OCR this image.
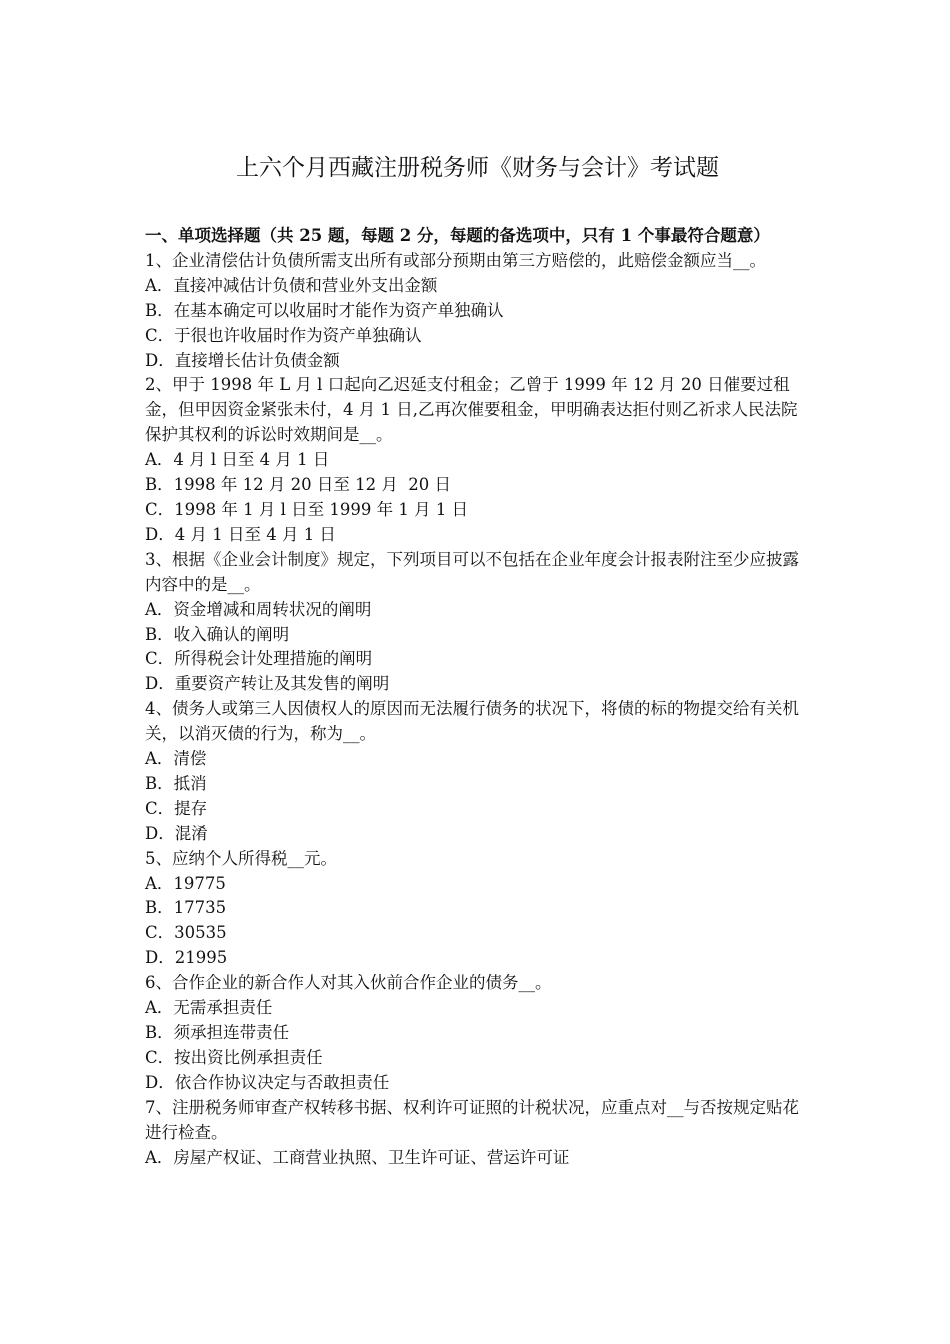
上六个月西藏注册税务师《财务与会计》考试题

一、单项选择题（共 25 题，每题 2 分，每题的备选项中，只有 1 个事最符合题意）

1、企业清偿估计负债所需支出所有或部分预期由第三方赔偿的，此赔偿金额应当__。

A．直接冲减估计负债和营业外支出金额

B．在基本确定可以收届时才能作为资产单独确认

C．于很也许收届时作为资产单独确认

D．直接增长估计负债金额

2、甲于 1998 年 L 月 l 口起向乙迟延支付租金；乙曾于 1999 年 12 月 20 日催要过租金，但甲因资金紧张未付，4 月 1 日,乙再次催要租金，甲明确表达拒付则乙祈求人民法院保护其权利的诉讼时效期间是__。

A．4 月 l 日至 4 月 1 日

B．1998 年 12 月 20 日至 12 月  20 日

C．1998 年 1 月 l 日至 1999 年 1 月 1 日

D．4 月 1 日至 4 月 1 日

3、根据《企业会计制度》规定，下列项目可以不包括在企业年度会计报表附注至少应披露内容中的是__。

A．资金增减和周转状况的阐明

B．收入确认的阐明

C．所得税会计处理措施的阐明

D．重要资产转让及其发售的阐明

4、债务人或第三人因债权人的原因而无法履行债务的状况下，将债的标的物提交给有关机关，以消灭债的行为，称为__。

A．清偿

B．抵消

C．提存

D．混淆

5、应纳个人所得税__元。

A．19775

B．17735

C．30535

D．21995

6、合作企业的新合作人对其入伙前合作企业的债务__。

A．无需承担责任

B．须承担连带责任

C．按出资比例承担责任

D．依合作协议决定与否敢担责任

7、注册税务师审查产权转移书据、权利许可证照的计税状况，应重点对__与否按规定贴花进行检查。

A．房屋产权证、工商营业执照、卫生许可证、营运许可证
